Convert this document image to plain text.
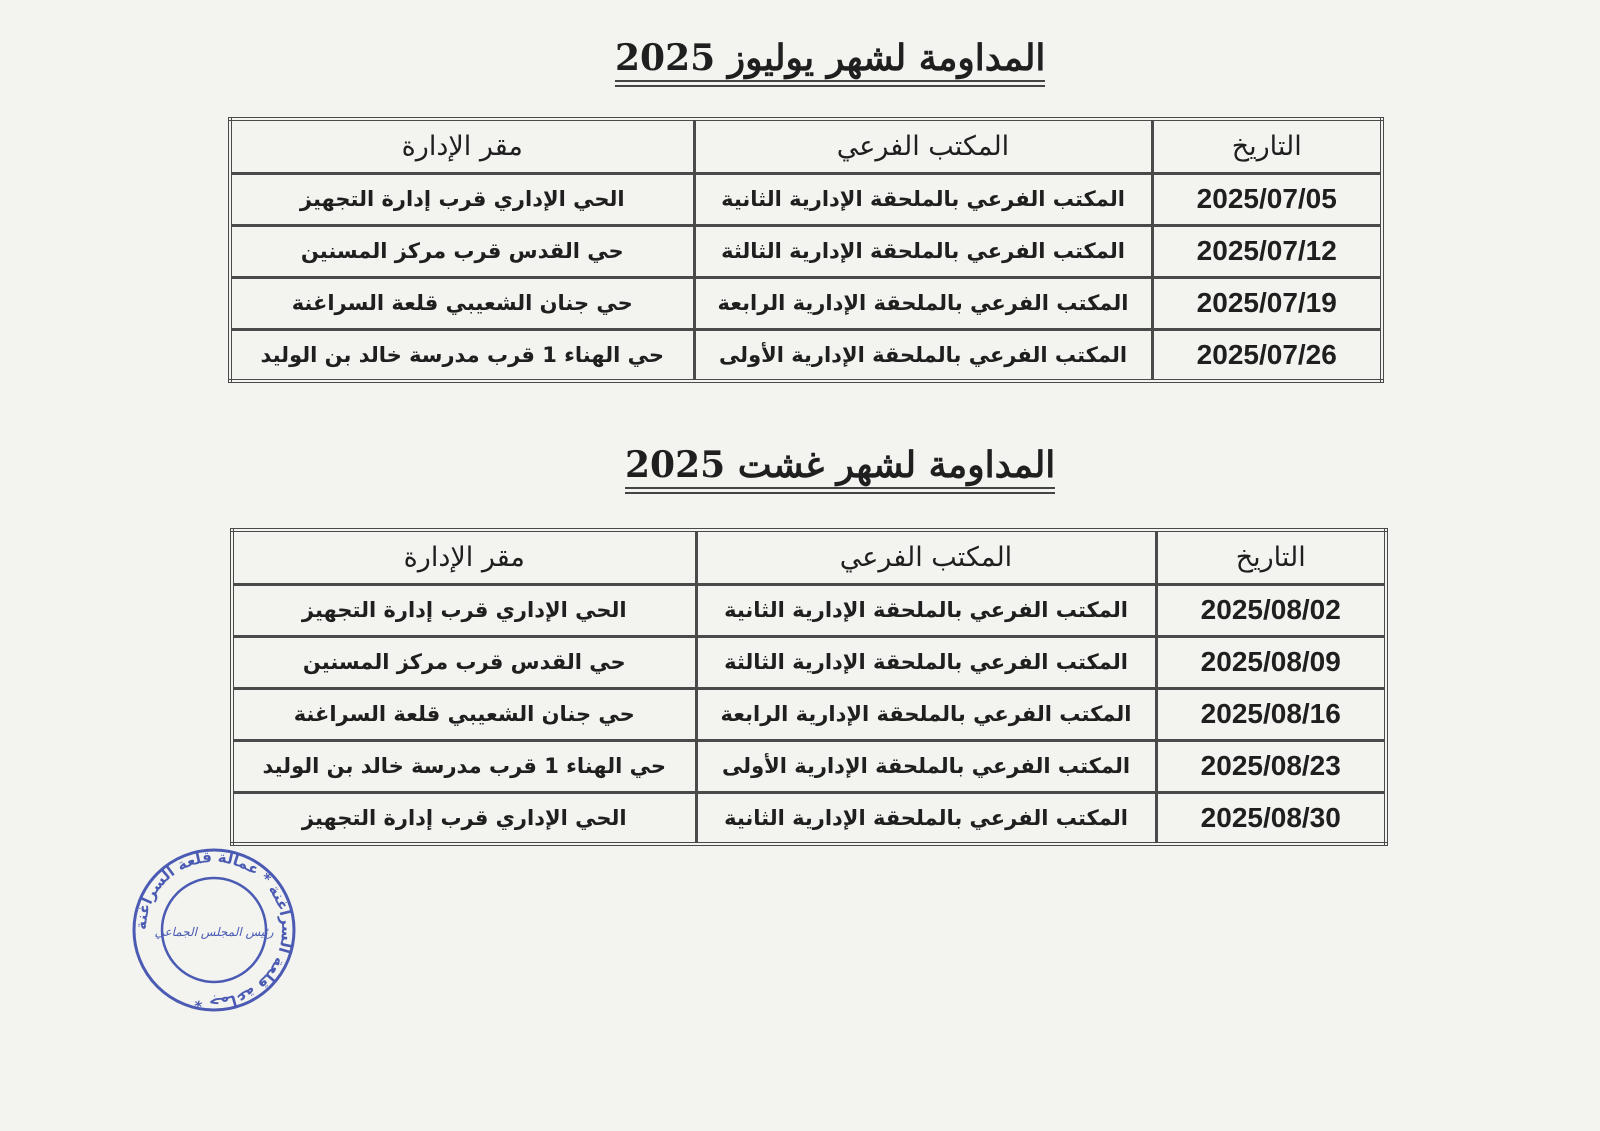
المداومة لشهر يوليوز 2025
التاريخ	المكتب الفرعي	مقر الإدارة
2025/07/05	المكتب الفرعي بالملحقة الإدارية الثانية	الحي الإداري قرب إدارة التجهيز
2025/07/12	المكتب الفرعي بالملحقة الإدارية الثالثة	حي القدس قرب مركز المسنين
2025/07/19	المكتب الفرعي بالملحقة الإدارية الرابعة	حي جنان الشعيبي قلعة السراغنة
2025/07/26	المكتب الفرعي بالملحقة الإدارية الأولى	حي الهناء 1 قرب مدرسة خالد بن الوليد
المداومة لشهر غشت 2025
التاريخ	المكتب الفرعي	مقر الإدارة
2025/08/02	المكتب الفرعي بالملحقة الإدارية الثانية	الحي الإداري قرب إدارة التجهيز
2025/08/09	المكتب الفرعي بالملحقة الإدارية الثالثة	حي القدس قرب مركز المسنين
2025/08/16	المكتب الفرعي بالملحقة الإدارية الرابعة	حي جنان الشعيبي قلعة السراغنة
2025/08/23	المكتب الفرعي بالملحقة الإدارية الأولى	حي الهناء 1 قرب مدرسة خالد بن الوليد
2025/08/30	المكتب الفرعي بالملحقة الإدارية الثانية	الحي الإداري قرب إدارة التجهيز
جماعة قلعة السراغنة * عمالة قلعة السراغنة *
رئيس المجلس الجماعي
